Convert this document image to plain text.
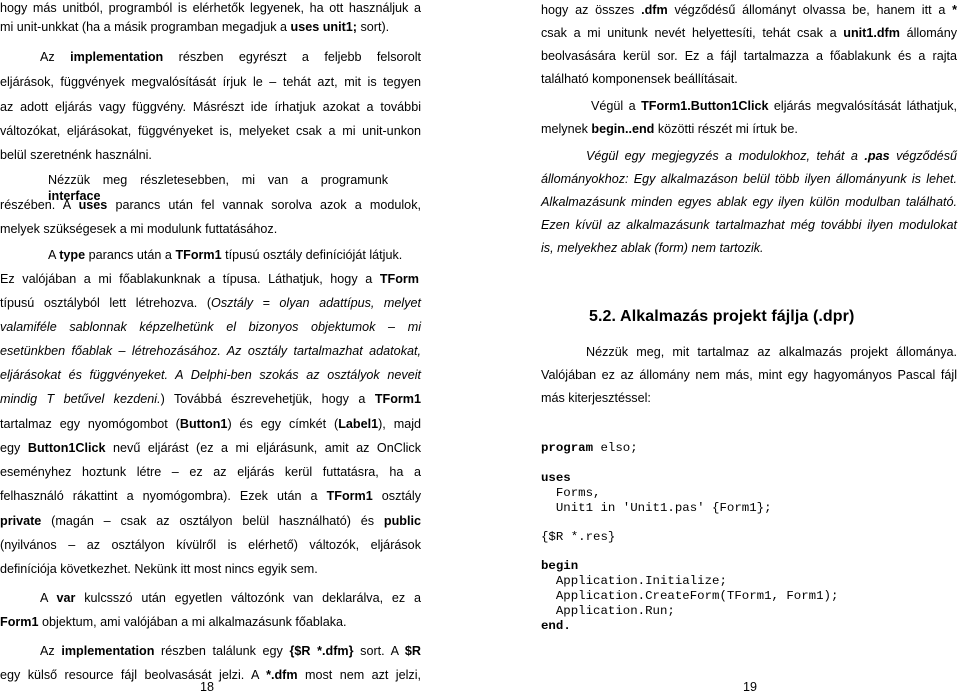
hogy más unitból, programból is elérhetők legyenek, ha ott használjuk a
mi unit-unkkat (ha a másik programban megadjuk a uses unit1; sort).
Az implementation részben egyrészt a feljebb felsorolt
eljárások, függvények megvalósítását írjuk le – tehát azt, mit is tegyen
az adott eljárás vagy függvény. Másrészt ide írhatjuk azokat a további
változókat, eljárásokat, függvényeket is, melyeket csak a mi unit-unkon
belül szeretnénk használni.
Nézzük meg részletesebben, mi van a programunk interface
részében. A uses parancs után fel vannak sorolva azok a modulok,
melyek szükségesek a mi modulunk futtatásához.
A type parancs után a TForm1 típusú osztály definícióját látjuk.
Ez valójában a mi főablakunknak a típusa. Láthatjuk, hogy a TForm
típusú osztályból lett létrehozva. (Osztály = olyan adattípus, melyet
valamiféle sablonnak képzelhetünk el bizonyos objektumok – mi
esetünkben főablak – létrehozásához. Az osztály tartalmazhat adatokat,
eljárásokat és függvényeket. A Delphi-ben szokás az osztályok neveit
mindig T betűvel kezdeni.) Továbbá észrevehetjük, hogy a TForm1
tartalmaz egy nyomógombot (Button1) és egy címkét (Label1), majd
egy Button1Click nevű eljárást (ez a mi eljárásunk, amit az OnClick
eseményhez hoztunk létre – ez az eljárás kerül futtatásra, ha a
felhasználó rákattint a nyomógombra). Ezek után a TForm1 osztály
private (magán – csak az osztályon belül használható) és public
(nyilvános – az osztályon kívülről is elérhető) változók, eljárások
definíciója következhet. Nekünk itt most nincs egyik sem.
A var kulcsszó után egyetlen változónk van deklarálva, ez a
Form1 objektum, ami valójában a mi alkalmazásunk főablaka.
Az implementation részben találunk egy {$R *.dfm} sort. A $R
egy külső resource fájl beolvasását jelzi. A *.dfm most nem azt jelzi,
18
hogy az összes .dfm végződésű állományt olvassa be, hanem itt a *
csak a mi unitunk nevét helyettesíti, tehát csak a unit1.dfm állomány
beolvasására kerül sor. Ez a fájl tartalmazza a főablakunk és a rajta
található komponensek beállításait.
Végül a TForm1.Button1Click eljárás megvalósítását láthatjuk,
melynek begin..end közötti részét mi írtuk be.
Végül egy megjegyzés a modulokhoz, tehát a .pas végződésű
állományokhoz: Egy alkalmazáson belül több ilyen állományunk is lehet.
Alkalmazásunk minden egyes ablak egy ilyen külön modulban található.
Ezen kívül az alkalmazásunk tartalmazhat még további ilyen modulokat
is, melyekhez ablak (form) nem tartozik.
5.2. Alkalmazás projekt fájlja (.dpr)
Nézzük meg, mit tartalmaz az alkalmazás projekt állománya.
Valójában ez az állomány nem más, mint egy hagyományos Pascal fájl
más kiterjesztéssel:
program elso;
uses
Forms,
Unit1 in 'Unit1.pas' {Form1};
{$R *.res}
begin
Application.Initialize;
Application.CreateForm(TForm1, Form1);
Application.Run;
end.
19
